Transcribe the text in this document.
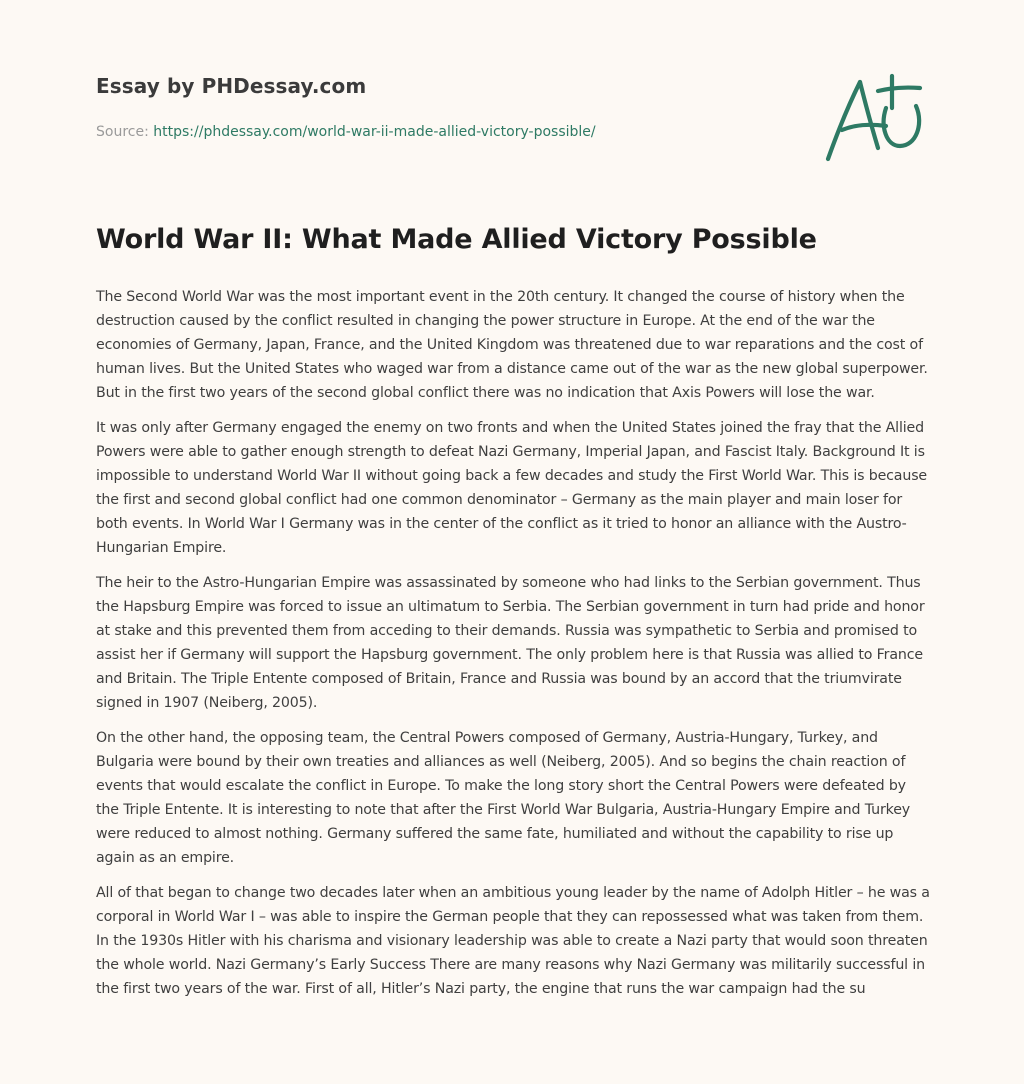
Essay by PHDessay.com
Source: https://phdessay.com/world-war-ii-made-allied-victory-possible/
World War II: What Made Allied Victory Possible

The Second World War was the most important event in the 20th century. It changed the course of history when the destruction caused by the conflict resulted in changing the power structure in Europe. At the end of the war the economies of Germany, Japan, France, and the United Kingdom was threatened due to war reparations and the cost of human lives. But the United States who waged war from a distance came out of the war as the new global superpower. But in the first two years of the second global conflict there was no indication that Axis Powers will lose the war.

It was only after Germany engaged the enemy on two fronts and when the United States joined the fray that the Allied Powers were able to gather enough strength to defeat Nazi Germany, Imperial Japan, and Fascist Italy. Background It is impossible to understand World War II without going back a few decades and study the First World War. This is because the first and second global conflict had one common denominator – Germany as the main player and main loser for both events. In World War I Germany was in the center of the conflict as it tried to honor an alliance with the Austro-Hungarian Empire.

The heir to the Astro-Hungarian Empire was assassinated by someone who had links to the Serbian government. Thus the Hapsburg Empire was forced to issue an ultimatum to Serbia. The Serbian government in turn had pride and honor at stake and this prevented them from acceding to their demands. Russia was sympathetic to Serbia and promised to assist her if Germany will support the Hapsburg government. The only problem here is that Russia was allied to France and Britain. The Triple Entente composed of Britain, France and Russia was bound by an accord that the triumvirate signed in 1907 (Neiberg, 2005).

On the other hand, the opposing team, the Central Powers composed of Germany, Austria-Hungary, Turkey, and Bulgaria were bound by their own treaties and alliances as well (Neiberg, 2005). And so begins the chain reaction of events that would escalate the conflict in Europe. To make the long story short the Central Powers were defeated by the Triple Entente. It is interesting to note that after the First World War Bulgaria, Austria-Hungary Empire and Turkey were reduced to almost nothing. Germany suffered the same fate, humiliated and without the capability to rise up again as an empire.

All of that began to change two decades later when an ambitious young leader by the name of Adolph Hitler – he was a corporal in World War I – was able to inspire the German people that they can repossessed what was taken from them. In the 1930s Hitler with his charisma and visionary leadership was able to create a Nazi party that would soon threaten the whole world. Nazi Germany’s Early Success There are many reasons why Nazi Germany was militarily successful in the first two years of the war. First of all, Hitler’s Nazi party, the engine that runs the war campaign had the su
